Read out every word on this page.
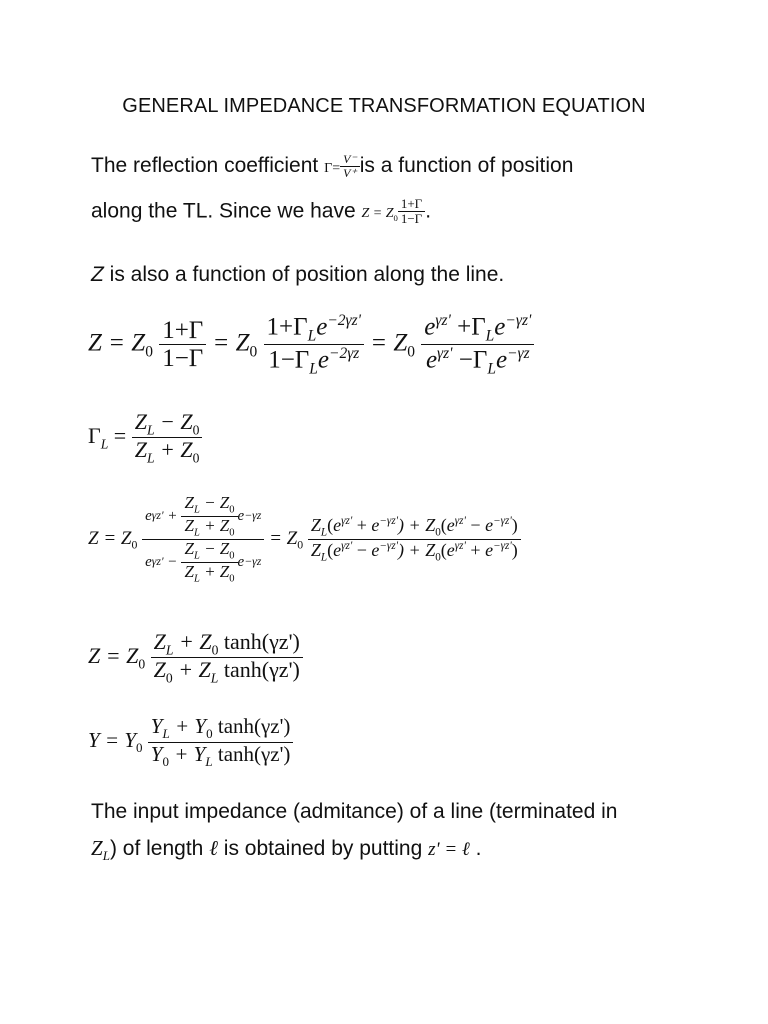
GENERAL IMPEDANCE TRANSFORMATION EQUATION
The reflection coefficient $\Gamma= \frac{V^-}{V^+}$ is a function of position
along the TL. Since we have $Z = Z_0 \frac{1+\Gamma}{1-\Gamma}$ .
Z is also a function of position along the line.
$Z = Z_0 \frac{1+\Gamma}{1-\Gamma} = Z_0 \frac{1+\Gamma_Le^{-2\gamma z'}}{1-\Gamma_Le^{-2\gamma z}} = Z_0 \frac{e^{\gamma z'} +\Gamma_Le^{-\gamma z'}}{e^{\gamma z'} -\Gamma_Le^{-\gamma z}}$
$\Gamma_L = \frac{Z_L - Z_0}{Z_L + Z_0}$
$Z = Z_0$ e γz'
+
$\frac{Z_L - Z_0}{Z_L + Z_0}$ e −γz
e γz'
−
$\frac{Z_L - Z_0}{Z_L + Z_0}$ $e -\gamma z = Z_0 \frac{Z_L(e^{\gamma z'} + e^{-\gamma z'}) + Z_0(e^{\gamma z'} - e^{-\gamma z'})}{Z_L(e^{\gamma z'} - e^{-\gamma z'}) + Z_0(e^{\gamma z'} + e^{-\gamma z'})}$
$Z = Z_0 \frac{Z_L + Z_0 \tanh(\gamma z')}{Z_0 + Z_L \tanh(\gamma z')}$
$Y = Y_0 \frac{Y_L + Y_0 \tanh(\gamma z')}{Y_0 + Y_L \tanh(\gamma z')}$
The input impedance (admitance) of a line (terminated in
$Z_L$) of length ℓ is obtained by putting z' = ℓ .
